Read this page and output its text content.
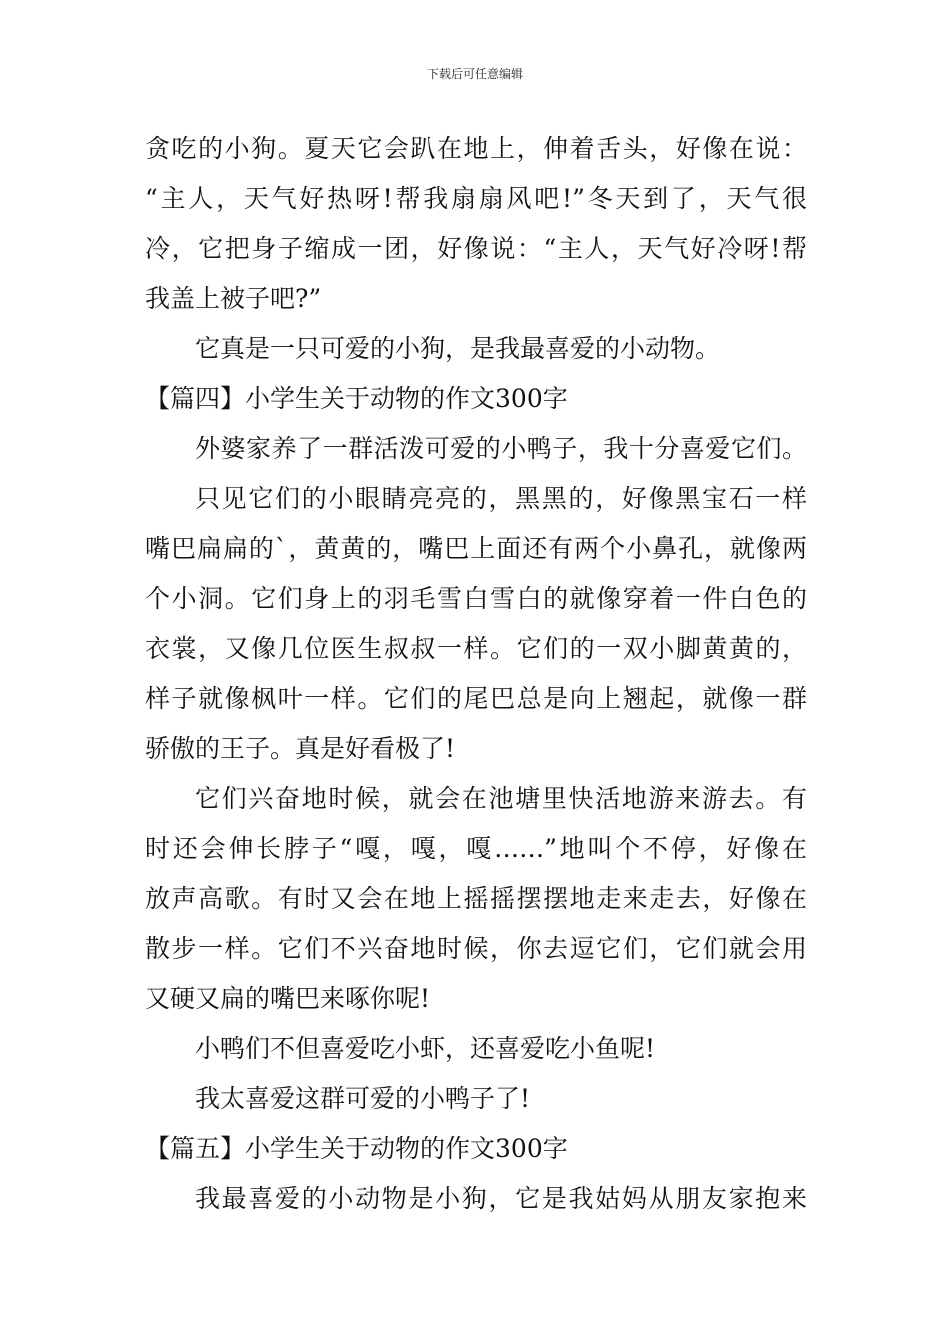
下载后可任意编辑
贪吃的小狗。夏天它会趴在地上，伸着舌头，好像在说：
“主人，天气好热呀!帮我扇扇风吧!”冬天到了，天气很
冷，它把身子缩成一团，好像说：“主人，天气好冷呀!帮
我盖上被子吧?”
它真是一只可爱的小狗，是我最喜爱的小动物。
【篇四】小学生关于动物的作文300字
外婆家养了一群活泼可爱的小鸭子，我十分喜爱它们。
只见它们的小眼睛亮亮的，黑黑的，好像黑宝石一样
嘴巴扁扁的`，黄黄的，嘴巴上面还有两个小鼻孔，就像两
个小洞。它们身上的羽毛雪白雪白的就像穿着一件白色的
衣裳，又像几位医生叔叔一样。它们的一双小脚黄黄的，
样子就像枫叶一样。它们的尾巴总是向上翘起，就像一群
骄傲的王子。真是好看极了!
它们兴奋地时候，就会在池塘里快活地游来游去。有
时还会伸长脖子“嘎，嘎，嘎……”地叫个不停，好像在
放声高歌。有时又会在地上摇摇摆摆地走来走去，好像在
散步一样。它们不兴奋地时候，你去逗它们，它们就会用
又硬又扁的嘴巴来啄你呢!
小鸭们不但喜爱吃小虾，还喜爱吃小鱼呢!
我太喜爱这群可爱的小鸭子了!
【篇五】小学生关于动物的作文300字
我最喜爱的小动物是小狗，它是我姑妈从朋友家抱来
